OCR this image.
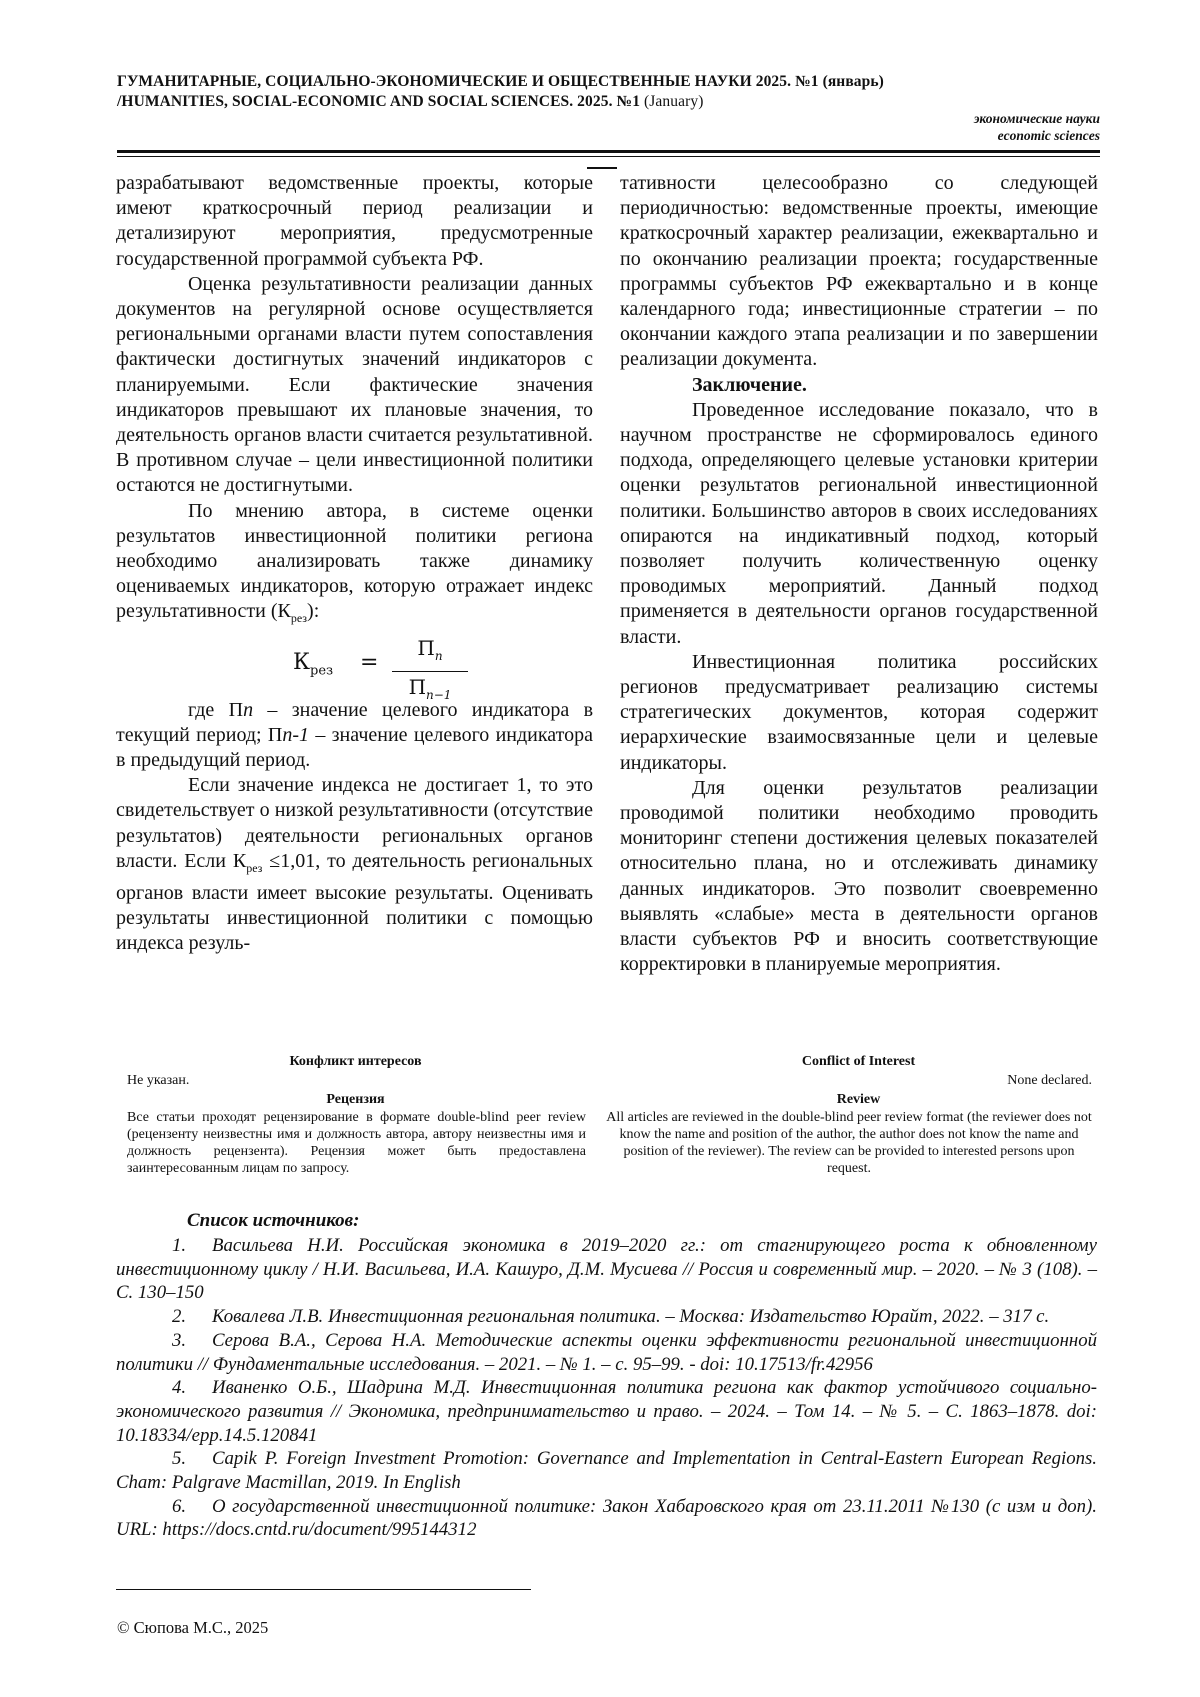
ГУМАНИТАРНЫЕ, СОЦИАЛЬНО-ЭКОНОМИЧЕСКИЕ И ОБЩЕСТВЕННЫЕ НАУКИ 2025. №1 (январь)
/HUMANITIES, SOCIAL-ECONOMIC AND SOCIAL SCIENCES. 2025. №1 (January)
экономические науки
economic sciences

разрабатывают ведомственные проекты, которые имеют краткосрочный период реализации и детализируют мероприятия, предусмотренные государственной программой субъекта РФ.

Оценка результативности реализации данных документов на регулярной основе осуществляется региональными органами власти путем сопоставления фактически достигнутых значений индикаторов с планируемыми. Если фактические значения индикаторов превышают их плановые значения, то деятельность органов власти считается результативной. В противном случае – цели инвестиционной политики остаются не достигнутыми.

По мнению автора, в системе оценки результатов инвестиционной политики региона необходимо анализировать также динамику оцениваемых индикаторов, которую отражает индекс результативности $(К_{рез})$:

$К_{рез}$ =
$П_n$
$П_{n-1}$

где Пn – значение целевого индикатора в текущий период; Пn-1 – значение целевого индикатора в предыдущий период.

Если значение индекса не достигает 1, то это свидетельствует о низкой результативности (отсутствие результатов) деятельности региональных органов власти. Если $К_{рез} \le 1,01$, то деятельность региональных органов власти имеет высокие результаты. Оценивать результаты инвестиционной политики с помощью индекса резуль-

тативности целесообразно со следующей периодичностью: ведомственные проекты, имеющие краткосрочный характер реализации, ежеквартально и по окончанию реализации проекта; государственные программы субъектов РФ ежеквартально и в конце календарного года; инвестиционные стратегии – по окончании каждого этапа реализации и по завершении реализации документа.

Заключение.

Проведенное исследование показало, что в научном пространстве не сформировалось единого подхода, определяющего целевые установки критерии оценки результатов региональной инвестиционной политики. Большинство авторов в своих исследованиях опираются на индикативный подход, который позволяет получить количественную оценку проводимых мероприятий. Данный подход применяется в деятельности органов государственной власти.

Инвестиционная политика российских регионов предусматривает реализацию системы стратегических документов, которая содержит иерархические взаимосвязанные цели и целевые индикаторы.

Для оценки результатов реализации проводимой политики необходимо проводить мониторинг степени достижения целевых показателей относительно плана, но и отслеживать динамику данных индикаторов. Это позволит своевременно выявлять «слабые» места в деятельности органов власти субъектов РФ и вносить соответствующие корректировки в планируемые мероприятия.

Конфликт интересов
Не указан.
Рецензия
Все статьи проходят рецензирование в формате double-blind peer review (рецензенту неизвестны имя и должность автора, автору неизвестны имя и должность рецензента). Рецензия может быть предоставлена заинтересованным лицам по запросу.
Conflict of Interest
None declared.
Review
All articles are reviewed in the double-blind peer review format (the reviewer does not know the name and position of the author, the author does not know the name and position of the reviewer). The review can be provided to interested persons upon request.
Список источников:

1. Васильева Н.И. Российская экономика в 2019–2020 гг.: от стагнирующего роста к обновленному инвестиционному циклу / Н.И. Васильева, И.А. Кашуро, Д.М. Мусиева // Россия и современный мир. – 2020. – № 3 (108). – С. 130–150

2. Ковалева Л.В. Инвестиционная региональная политика. – Москва: Издательство Юрайт, 2022. – 317 с.

3. Серова В.А., Серова Н.А. Методические аспекты оценки эффективности региональной инвестиционной политики // Фундаментальные исследования. – 2021. – № 1. – с. 95–99. - doi: 10.17513/fr.42956

4. Иваненко О.Б., Шадрина М.Д. Инвестиционная политика региона как фактор устойчивого социально- экономического развития // Экономика, предпринимательство и право. – 2024. – Том 14. – № 5. – С. 1863–1878. doi: 10.18334/epp.14.5.120841

5. Capik P. Foreign Investment Promotion: Governance and Implementation in Central-Eastern European Regions. Cham: Palgrave Macmillan, 2019. In English

6. О государственной инвестиционной политике: Закон Хабаровского края от 23.11.2011 №130 (с изм и доп). URL: https://docs.cntd.ru/document/995144312

© Сюпова М.С., 2025
